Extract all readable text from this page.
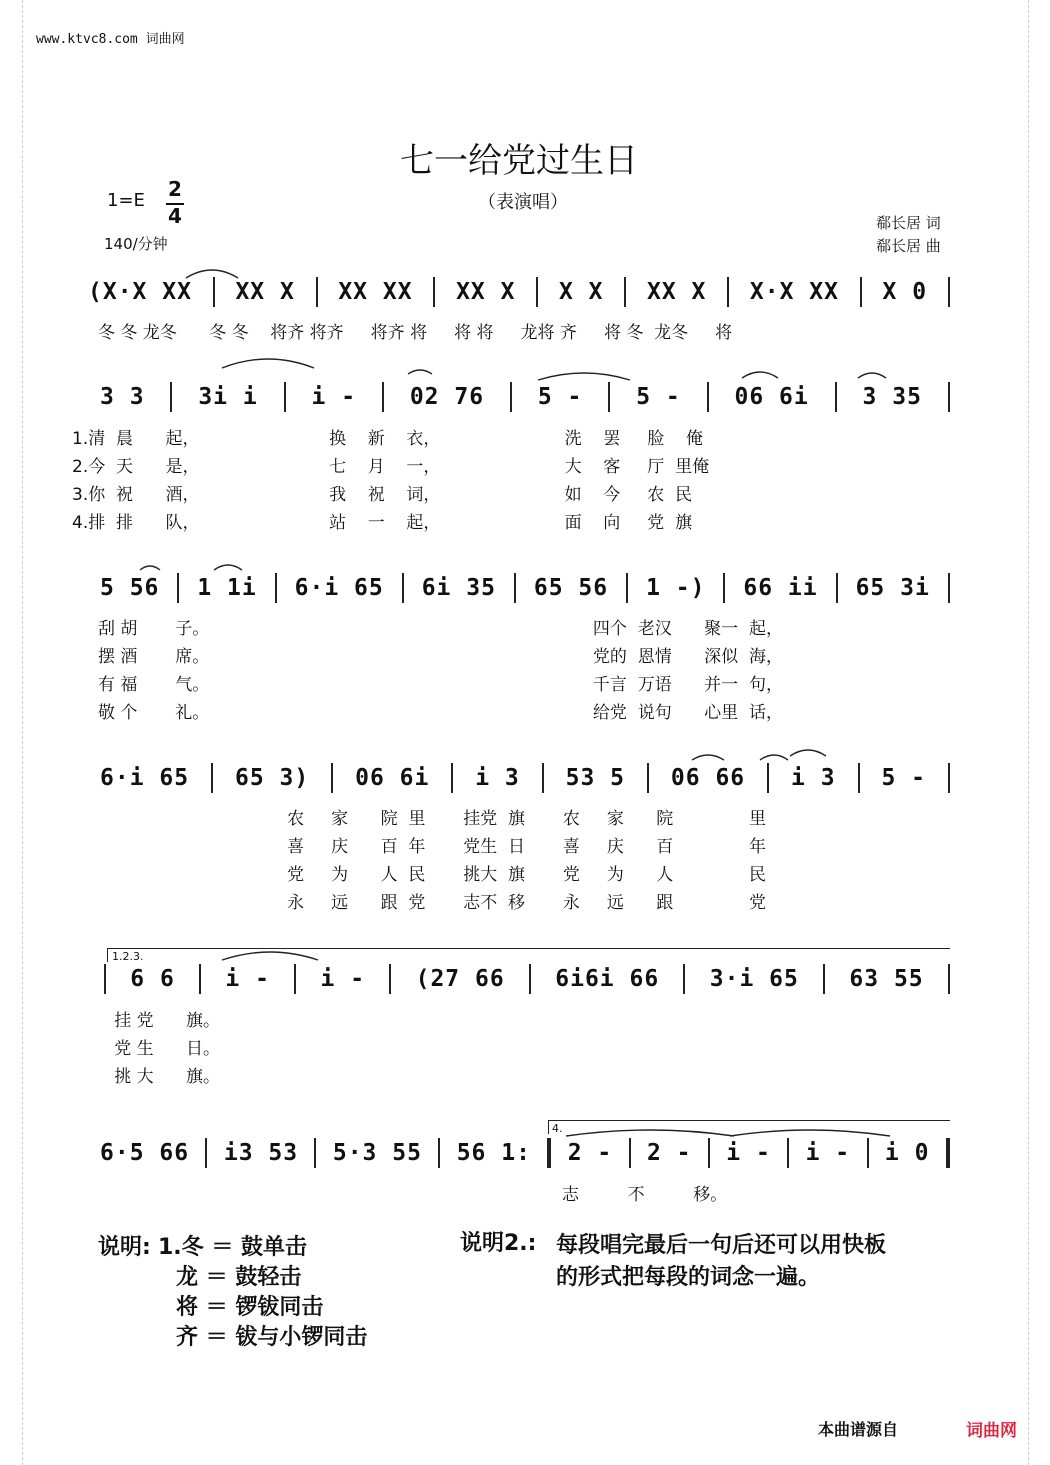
www.ktvc8.com 词曲网
七一给党过生日
（表演唱）
1=E 2
4
140/分钟
郗长居 词
郗长居 曲
(X·X XX XX X XX XX XX X X X XX X X·X XX X 0
冬 冬 龙冬      冬 冬    将齐 将齐     将齐 将     将 将     龙将 齐     将 冬  龙冬     将
3 3 3i i i - 02 76 5 - 5 - 06 6i 3 35
1.清  晨      起，                        换    新    衣，                       洗    罢     脸    俺
2.今  天      是，                        七    月    一，                       大    客     厅  里俺
3.你  祝      酒，                        我    祝    词，                       如    今     农  民
4.排  排      队，                        站    一    起，                       面    向     党  旗
5 56 1 1i 6·i 65 6i 35 65 56 1 -) 66 ii 65 3i
刮 胡       子。                                                                       四个  老汉      聚一  起，
摆 酒       席。                                                                       党的  恩情      深似  海，
有 福       气。                                                                       千言  万语      并一  句，
敬 个       礼。                                                                       给党  说句      心里  话，
6·i 65 65 3) 06 6i i 3 53 5 06 66 i 3 5 -
农     家      院  里       挂党  旗       农     家      院              里
喜     庆      百  年       党生  日       喜     庆      百              年
党     为      人  民       挑大  旗       党     为      人              民
永     远      跟  党       志不  移       永     远      跟              党
1.2.3.
6 6 i - i - (27 66 6i6i 66 3·i 65 63 55
挂 党      旗。
党 生      日。
挑 大      旗。
4.
6·5 66 i3 53 5·3 55 56 1: 2 - 2 - i - i - i 0
志         不         移。
说明: 1.冬 ＝ 鼓单击
龙 ＝ 鼓轻击
将 ＝ 锣钹同击
齐 ＝ 钹与小锣同击
说明2.: 每段唱完最后一句后还可以用快板
的形式把每段的词念一遍。
本曲谱源自	词曲网
